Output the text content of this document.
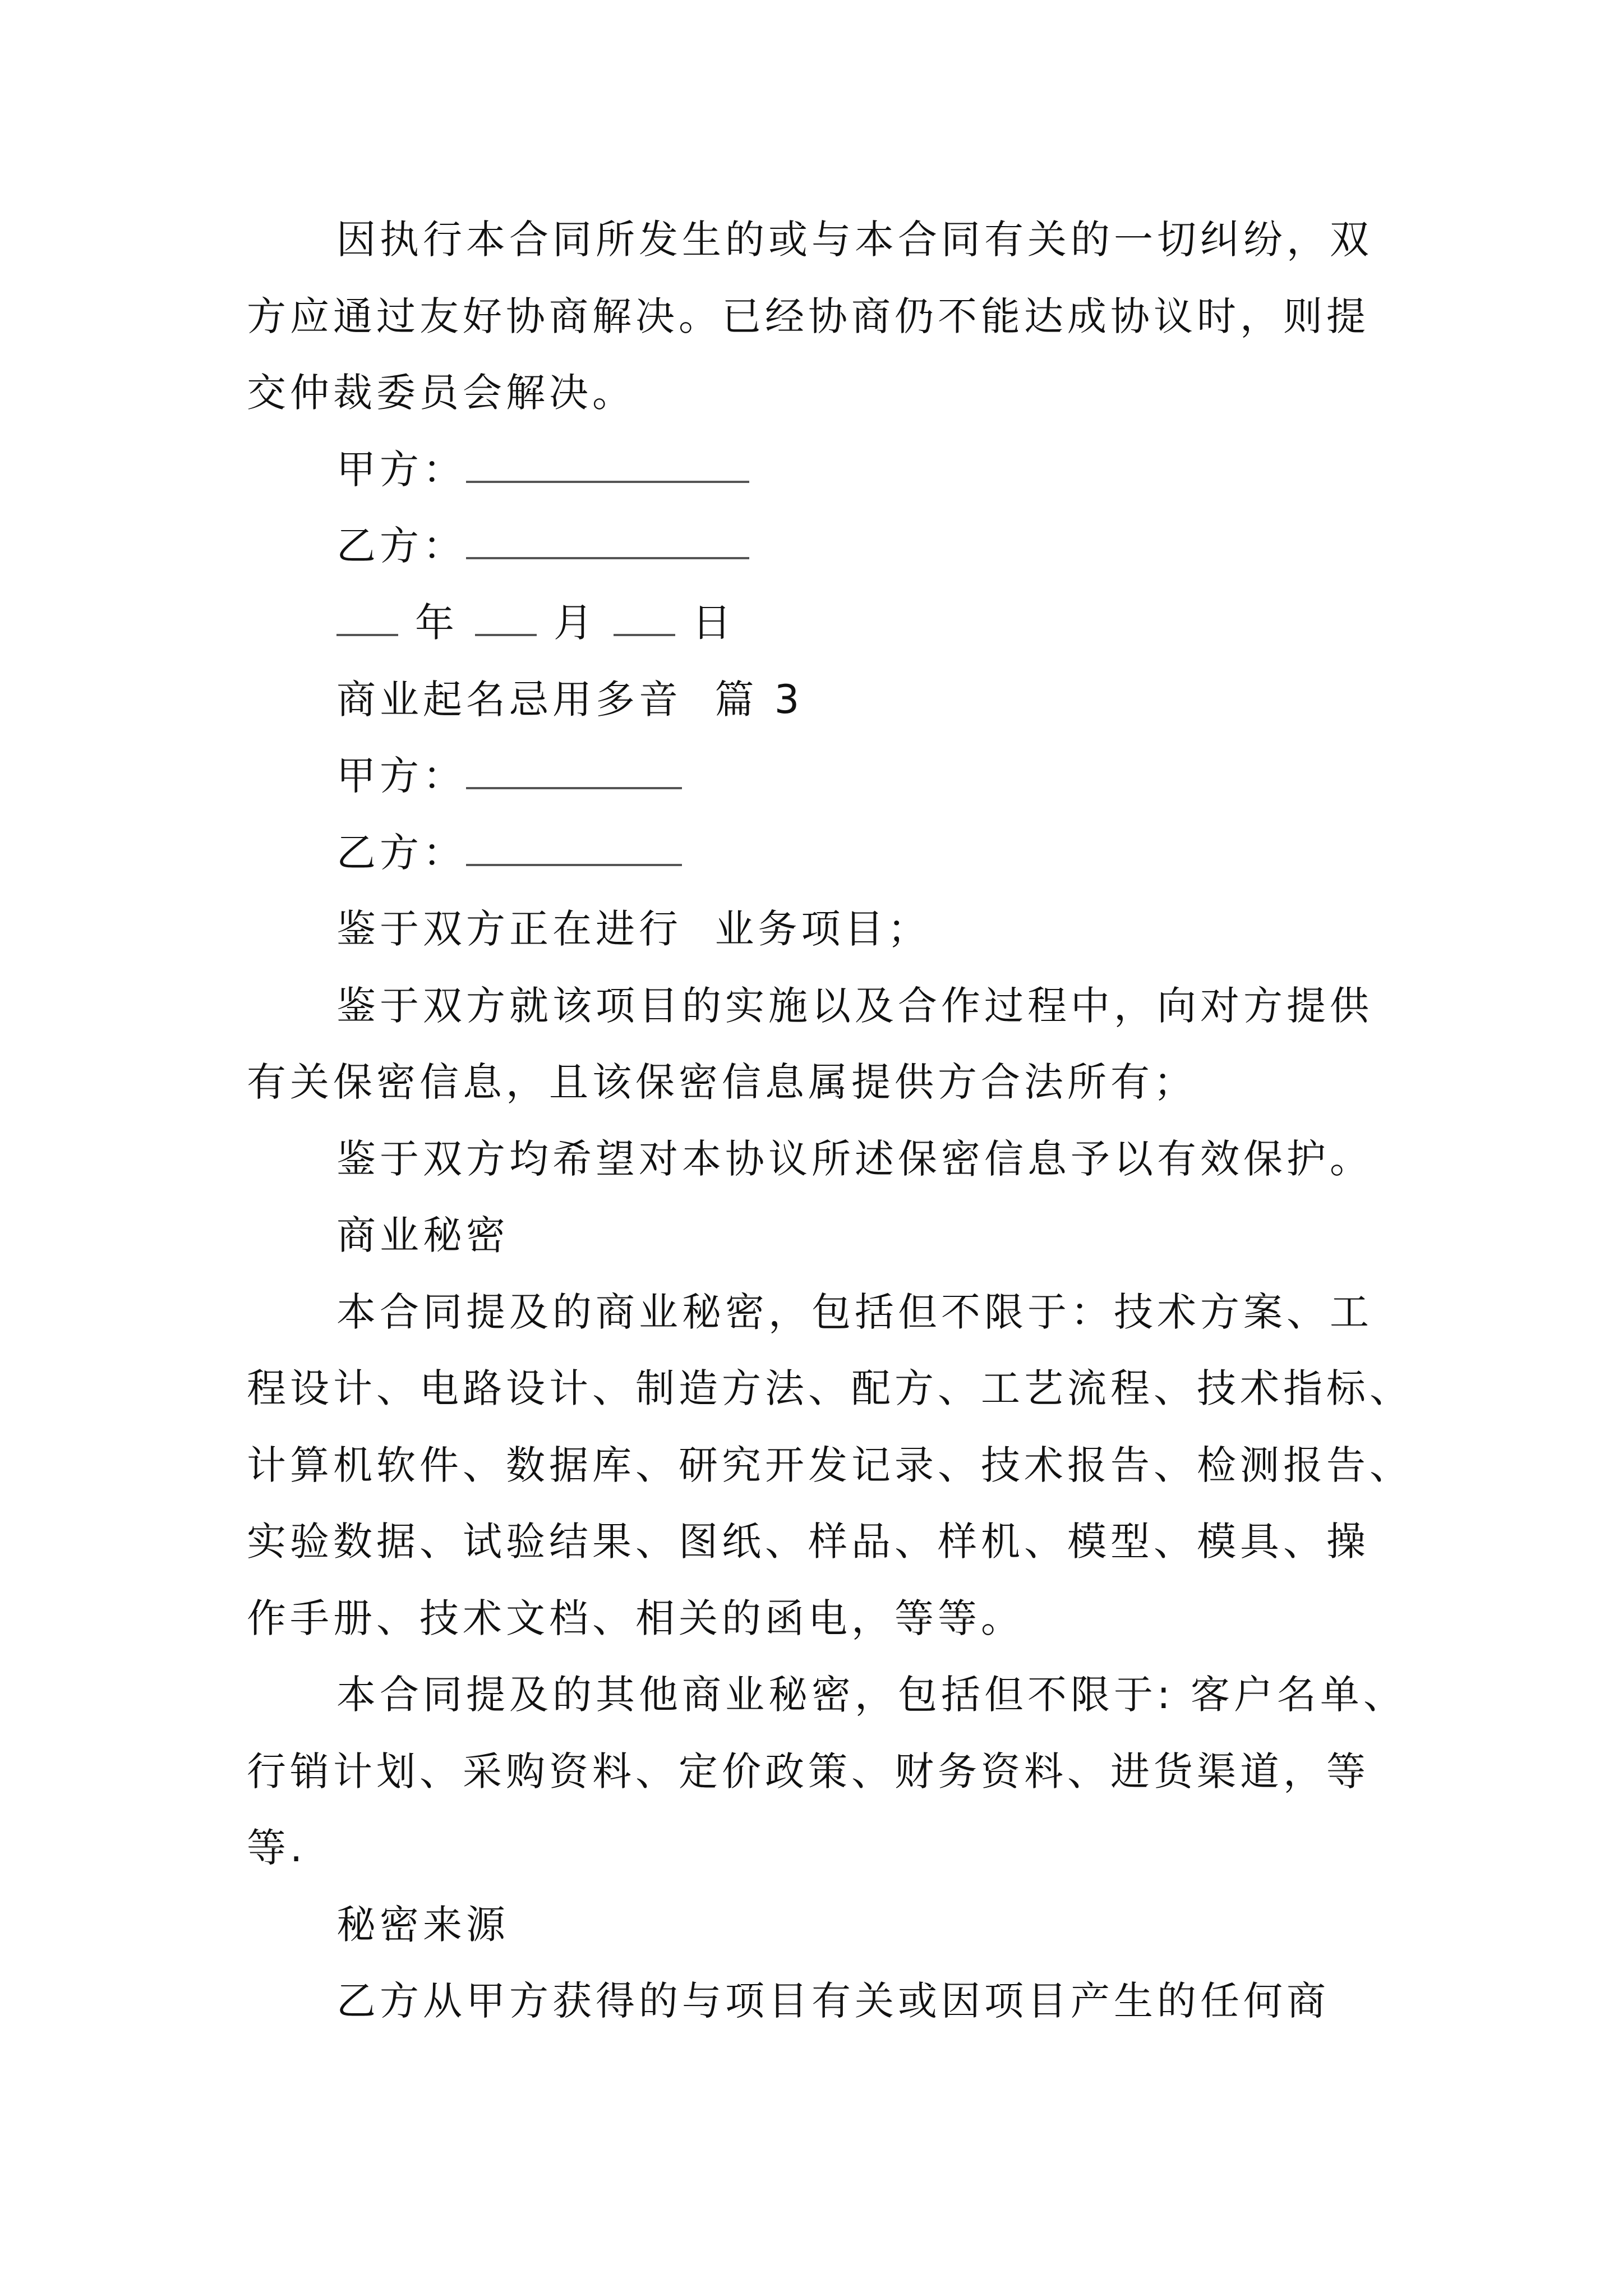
因执行本合同所发生的或与本合同有关的一切纠纷，双
方应通过友好协商解决。已经协商仍不能达成协议时，则提
交仲裁委员会解决。
甲方：
乙方：
年 月 日
商业起名忌用多音  篇 3
甲方：
乙方：
鉴于双方正在进行  业务项目；
鉴于双方就该项目的实施以及合作过程中，向对方提供
有关保密信息，且该保密信息属提供方合法所有；
鉴于双方均希望对本协议所述保密信息予以有效保护。
商业秘密
本合同提及的商业秘密，包括但不限于：技术方案、工
程设计、电路设计、制造方法、配方、工艺流程、技术指标、
计算机软件、数据库、研究开发记录、技术报告、检测报告、
实验数据、试验结果、图纸、样品、样机、模型、模具、操
作手册、技术文档、相关的函电，等等。
本合同提及的其他商业秘密，包括但不限于: 客户名单、
行销计划、采购资料、定价政策、财务资料、进货渠道，等
等.
秘密来源
乙方从甲方获得的与项目有关或因项目产生的任何商
